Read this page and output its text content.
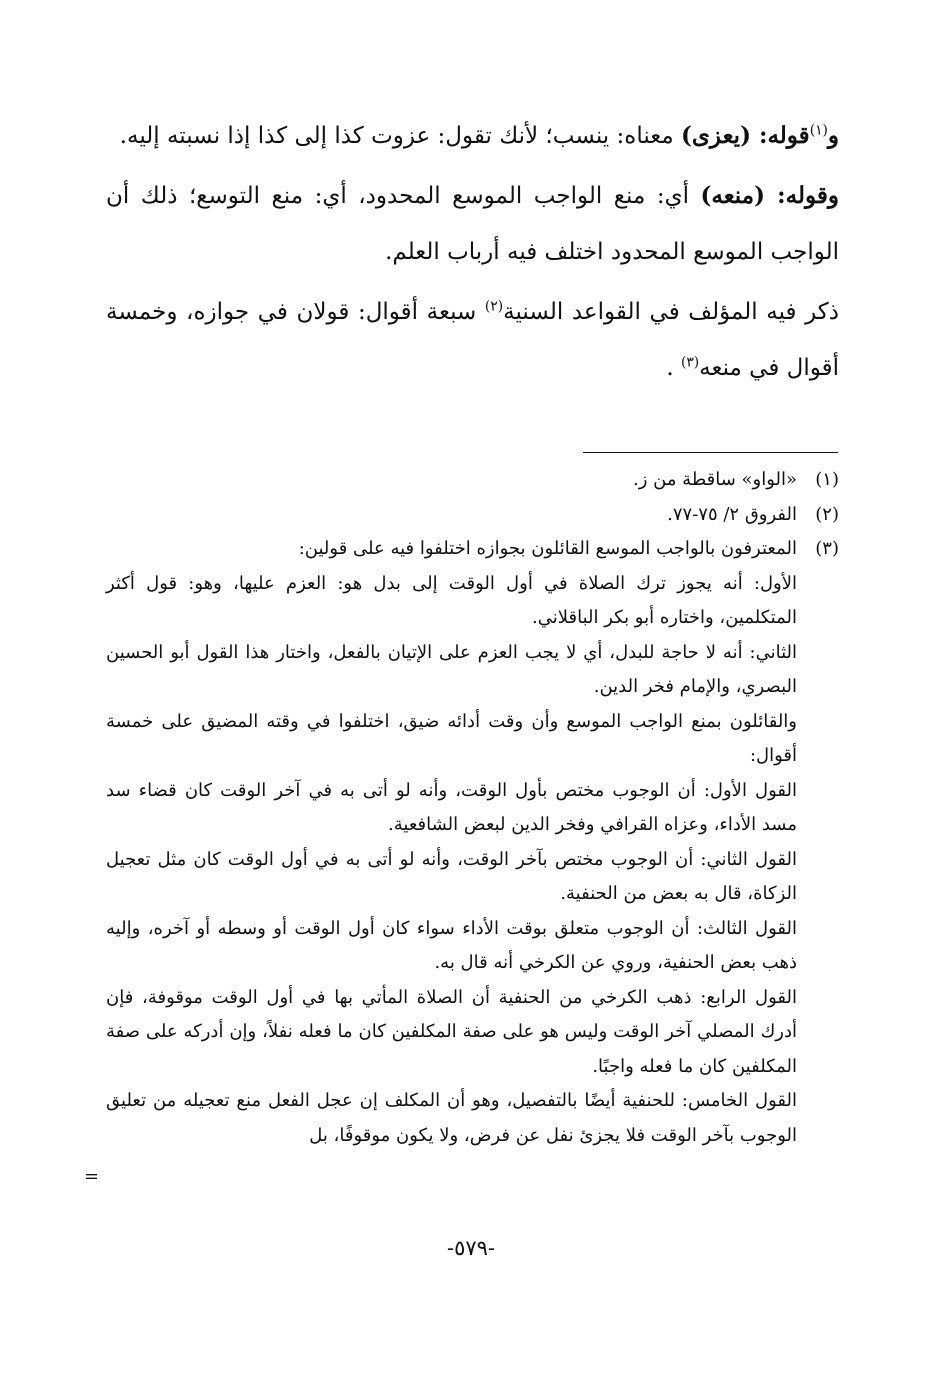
و$^{(١)}$قوله: (يعزى) معناه: ينسب؛ لأنك تقول: عزوت كذا إلى كذا إذا نسبته إليه.

وقوله: (منعه) أي: منع الواجب الموسع المحدود، أي: منع التوسع؛ ذلك أن الواجب الموسع المحدود اختلف فيه أرباب العلم.

ذكر فيه المؤلف في القواعد السنية$^{(٢)}$ سبعة أقوال: قولان في جوازه، وخمسة أقوال في منعه$^{(٣)}$ .

(١)

«الواو» ساقطة من ز.

(٢)

الفروق ٢/ ٧٥-٧٧.

(٣)

المعترفون بالواجب الموسع القائلون بجوازه اختلفوا فيه على قولين:

الأول: أنه يجوز ترك الصلاة في أول الوقت إلى بدل هو: العزم عليها، وهو: قول أكثر المتكلمين، واختاره أبو بكر الباقلاني.

الثاني: أنه لا حاجة للبدل، أي لا يجب العزم على الإتيان بالفعل، واختار هذا القول أبو الحسين البصري، والإمام فخر الدين.

والقائلون بمنع الواجب الموسع وأن وقت أدائه ضيق، اختلفوا في وقته المضيق على خمسة أقوال:

القول الأول: أن الوجوب مختص بأول الوقت، وأنه لو أتى به في آخر الوقت كان قضاء سد مسد الأداء، وعزاه القرافي وفخر الدين لبعض الشافعية.

القول الثاني: أن الوجوب مختص بآخر الوقت، وأنه لو أتى به في أول الوقت كان مثل تعجيل الزكاة، قال به بعض من الحنفية.

القول الثالث: أن الوجوب متعلق بوقت الأداء سواء كان أول الوقت أو وسطه أو آخره، وإليه ذهب بعض الحنفية، وروي عن الكرخي أنه قال به.

القول الرابع: ذهب الكرخي من الحنفية أن الصلاة المأتي بها في أول الوقت موقوفة، فإن أدرك المصلي آخر الوقت وليس هو على صفة المكلفين كان ما فعله نفلاً، وإن أدركه على صفة المكلفين كان ما فعله واجبًا.

القول الخامس: للحنفية أيضًا بالتفصيل، وهو أن المكلف إن عجل الفعل منع تعجيله من تعليق الوجوب بآخر الوقت فلا يجزئ نفل عن فرض، ولا يكون موقوفًا، بل

=
-٥٧٩-
